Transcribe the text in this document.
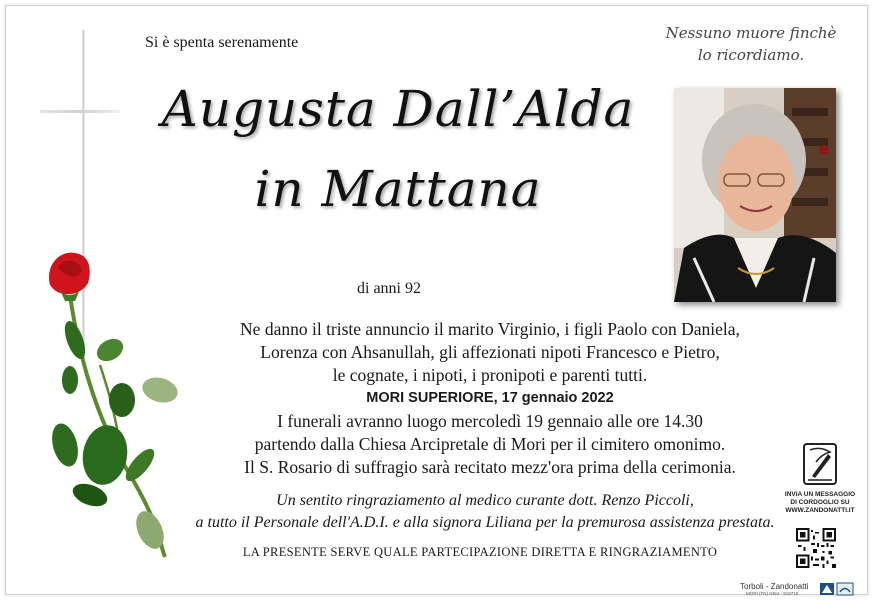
Si è spenta serenamente
Nessuno muore finchè
lo ricordiamo.
Augusta Dall’Alda
in Mattana
di anni 92
Ne danno il triste annuncio il marito Virginio, i figli Paolo con Daniela,
Lorenza con Ahsanullah, gli affezionati nipoti Francesco e Pietro,
le cognate, i nipoti, i pronipoti e parenti tutti.
MORI SUPERIORE, 17 gennaio 2022
I funerali avranno luogo mercoledì 19 gennaio alle ore 14.30
partendo dalla Chiesa Arcipretale di Mori per il cimitero omonimo.
Il S. Rosario di suffragio sarà recitato mezz'ora prima della cerimonia.
Un sentito ringraziamento al medico curante dott. Renzo Piccoli,
a tutto il Personale dell'A.D.I. e alla signora Liliana per la premurosa assistenza prestata.
LA PRESENTE SERVE QUALE PARTECIPAZIONE DIRETTA E RINGRAZIAMENTO
INVIA UN MESSAGGIO
DI CORDOGLIO SU
WWW.ZANDONATTI.IT
Torboli - Zandonatti
MORI (TN) 0464 - 918715
